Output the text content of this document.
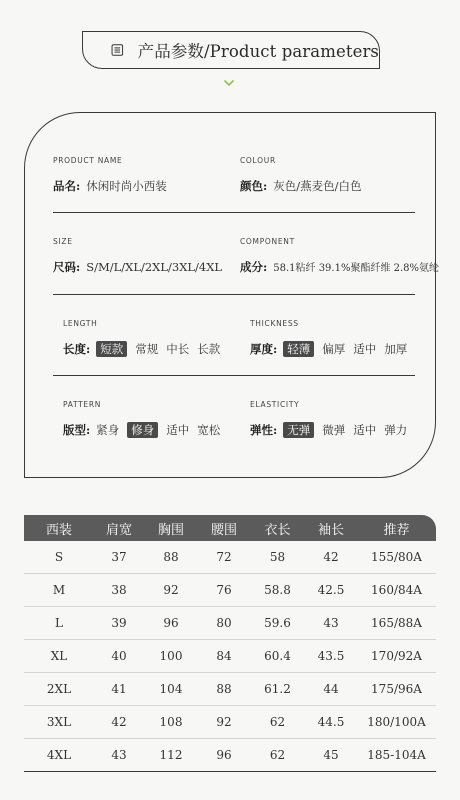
产品参数/Product parameters
PRODUCT NAME
品名: 休闲时尚小西装
COLOUR
颜色: 灰色/燕麦色/白色
SIZE
尺码: S/M/L/XL/2XL/3XL/4XL
COMPONENT
成分: 58.1粘纤 39.1%聚酯纤维 2.8%氨纶
LENGTH
长度: 短款 常规 中长 长款
THICKNESS
厚度: 轻薄 偏厚 适中 加厚
PATTERN
版型: 紧身 修身 适中 宽松
ELASTICITY
弹性: 无弹 微弹 适中 弹力
西装	肩宽	胸围	腰围	衣长	袖长	推荐
S	37	88	72	58	42	155/80A
M	38	92	76	58.8	42.5	160/84A
L	39	96	80	59.6	43	165/88A
XL	40	100	84	60.4	43.5	170/92A
2XL	41	104	88	61.2	44	175/96A
3XL	42	108	92	62	44.5	180/100A
4XL	43	112	96	62	45	185-104A
